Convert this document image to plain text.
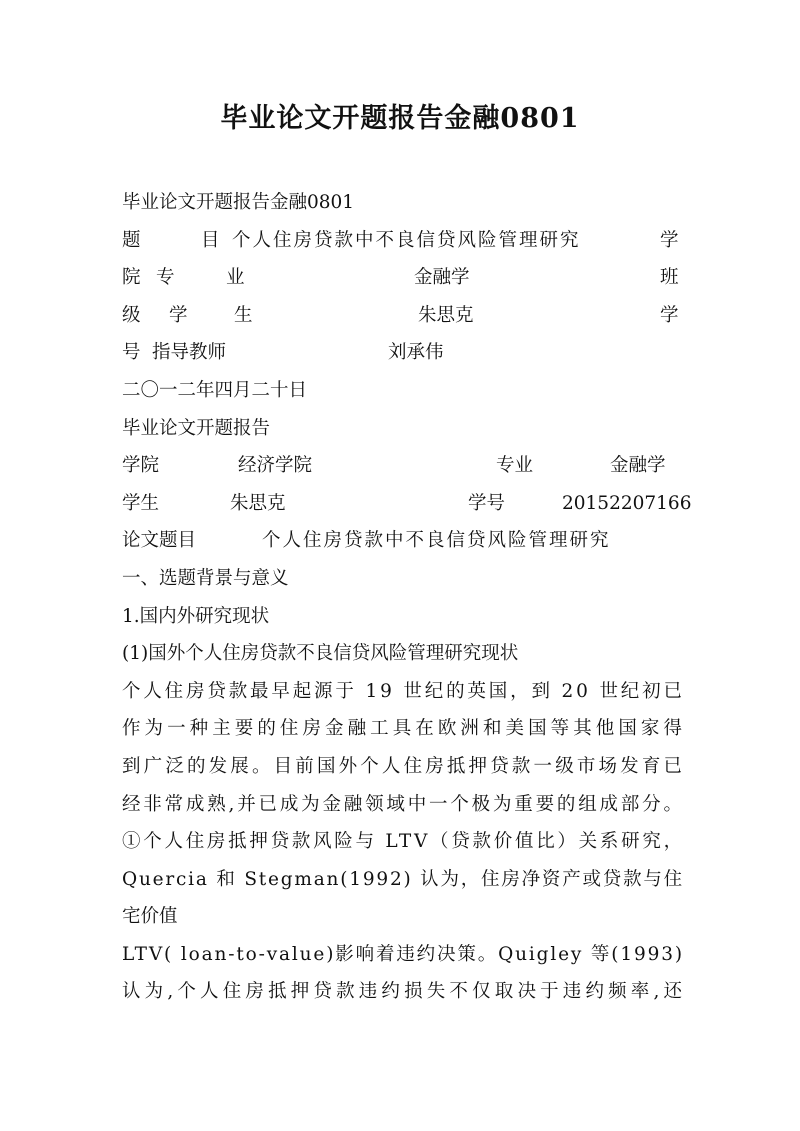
毕业论文开题报告金融0801
毕业论文开题报告金融0801
题	目 个人住房贷款中不良信贷风险管理研究	学
院 专	业	金融学	班
级 学	生	朱思克	学
号 指导教师	刘承伟
二〇一二年四月二十日
毕业论文开题报告
学院	经济学院	专业	金融学
学生	朱思克	学号	20152207166
论文题目	个人住房贷款中不良信贷风险管理研究
一、选题背景与意义
1.国内外研究现状
(1)国外个人住房贷款不良信贷风险管理研究现状
个人住房贷款最早起源于 19 世纪的英国，到 20 世纪初已
作为一种主要的住房金融工具在欧洲和美国等其他国家得
到广泛的发展。目前国外个人住房抵押贷款一级市场发育已
经非常成熟,并已成为金融领域中一个极为重要的组成部分。
①个人住房抵押贷款风险与 LTV（贷款价值比）关系研究，
Quercia 和 Stegman(1992) 认为，住房净资产或贷款与住
宅价值
LTV( loan-to-value)影响着违约决策。Quigley 等(1993)
认为,个人住房抵押贷款违约损失不仅取决于违约频率,还
